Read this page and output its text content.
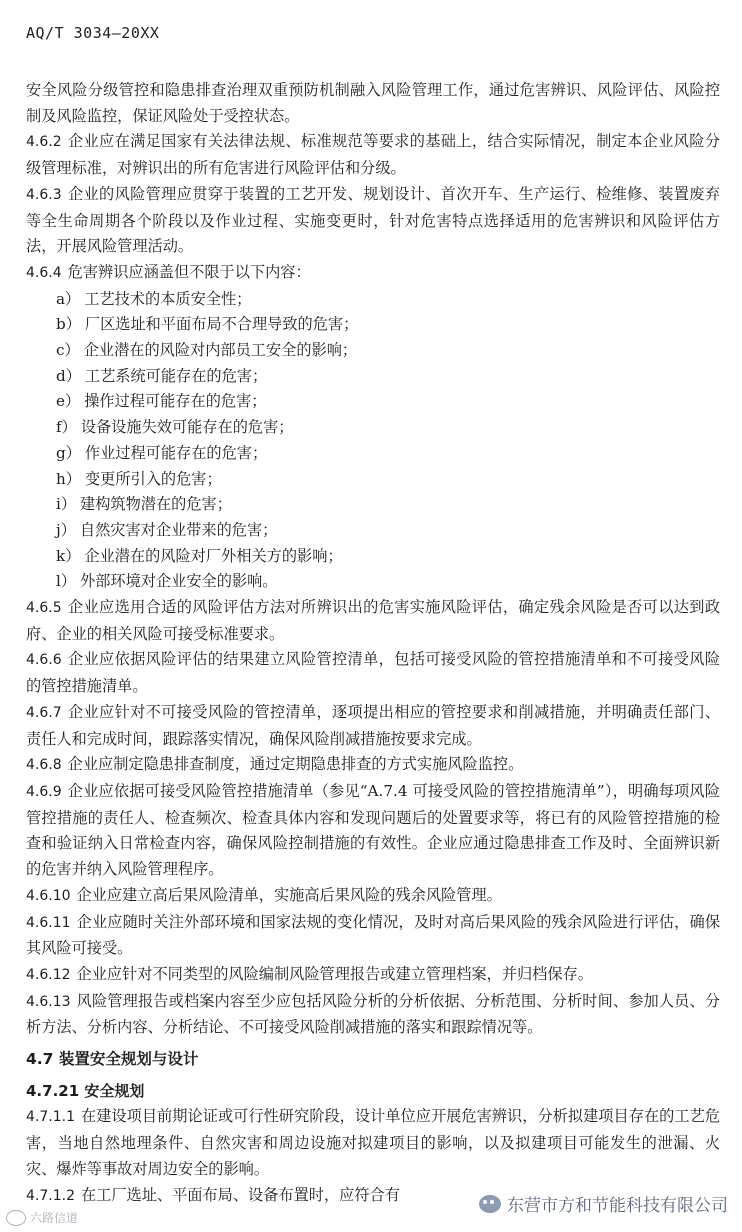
AQ/T 3034—20XX

安全风险分级管控和隐患排查治理双重预防机制融入风险管理工作，通过危害辨识、风险评估、风险控制及风险监控，保证风险处于受控状态。

4.6.2 企业应在满足国家有关法律法规、标准规范等要求的基础上，结合实际情况，制定本企业风险分级管理标准，对辨识出的所有危害进行风险评估和分级。

4.6.3 企业的风险管理应贯穿于装置的工艺开发、规划设计、首次开车、生产运行、检维修、装置废弃等全生命周期各个阶段以及作业过程、实施变更时，针对危害特点选择适用的危害辨识和风险评估方法，开展风险管理活动。

4.6.4 危害辨识应涵盖但不限于以下内容：

a） 工艺技术的本质安全性；

b） 厂区选址和平面布局不合理导致的危害；

c） 企业潜在的风险对内部员工安全的影响；

d） 工艺系统可能存在的危害；

e） 操作过程可能存在的危害；

f） 设备设施失效可能存在的危害；

g） 作业过程可能存在的危害；

h） 变更所引入的危害；

i） 建构筑物潜在的危害；

j） 自然灾害对企业带来的危害；

k） 企业潜在的风险对厂外相关方的影响；

l） 外部环境对企业安全的影响。

4.6.5 企业应选用合适的风险评估方法对所辨识出的危害实施风险评估，确定残余风险是否可以达到政府、企业的相关风险可接受标准要求。

4.6.6 企业应依据风险评估的结果建立风险管控清单，包括可接受风险的管控措施清单和不可接受风险的管控措施清单。

4.6.7 企业应针对不可接受风险的管控清单，逐项提出相应的管控要求和削减措施，并明确责任部门、责任人和完成时间，跟踪落实情况，确保风险削减措施按要求完成。

4.6.8 企业应制定隐患排查制度，通过定期隐患排查的方式实施风险监控。

4.6.9 企业应依据可接受风险管控措施清单（参见“A.7.4 可接受风险的管控措施清单”），明确每项风险管控措施的责任人、检查频次、检查具体内容和发现问题后的处置要求等，将已有的风险管控措施的检查和验证纳入日常检查内容，确保风险控制措施的有效性。企业应通过隐患排查工作及时、全面辨识新的危害并纳入风险管理程序。

4.6.10 企业应建立高后果风险清单，实施高后果风险的残余风险管理。

4.6.11 企业应随时关注外部环境和国家法规的变化情况，及时对高后果风险的残余风险进行评估，确保其风险可接受。

4.6.12 企业应针对不同类型的风险编制风险管理报告或建立管理档案，并归档保存。

4.6.13 风险管理报告或档案内容至少应包括风险分析的分析依据、分析范围、分析时间、参加人员、分析方法、分析内容、分析结论、不可接受风险削减措施的落实和跟踪情况等。

4.7 装置安全规划与设计
4.7.21 安全规划

4.7.1.1 在建设项目前期论证或可行性研究阶段，设计单位应开展危害辨识，分析拟建项目存在的工艺危害，当地自然地理条件、自然灾害和周边设施对拟建项目的影响，以及拟建项目可能发生的泄漏、火灾、爆炸等事故对周边安全的影响。

4.7.1.2 在工厂选址、平面布局、设备布置时，应符合有

六路信道
东营市方和节能科技有限公司
